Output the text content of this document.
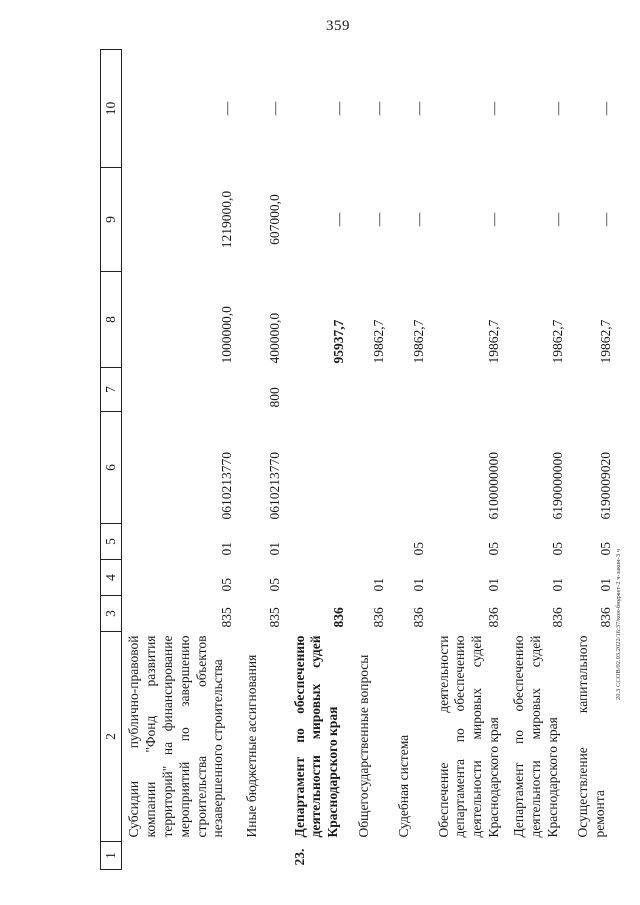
359
20.3 ССОВ/02.03.2022/16:37/кон-бюджет-2 ч-закон-3 ч
1	2	3	4	5	6	7	8	9	10
	Субсидии публично-правовой компании "Фонд развития территорий" на финансирование мероприятий по завершению строительства объектов незавершенного строительства	835	05	01	0610213770		1000000,0	1219000,0	—
	Иные бюджетные ассигнования	835	05	01	0610213770	800	400000,0	607000,0	—
23.	Департамент по обеспечению деятельности мировых судей Краснодарского края	836					95937,7	—	—
	Общегосударственные вопросы	836	01				19862,7	—	—
	Судебная система	836	01	05			19862,7	—	—
	Обеспечение деятельности департамента по обеспечению деятельности мировых судей Краснодарского края	836	01	05	6100000000		19862,7	—	—
	Департамент по обеспечению деятельности мировых судей Краснодарского края	836	01	05	6190000000		19862,7	—	—
	Осуществление капитального ремонта	836	01	05	6190009020		19862,7	—	—
